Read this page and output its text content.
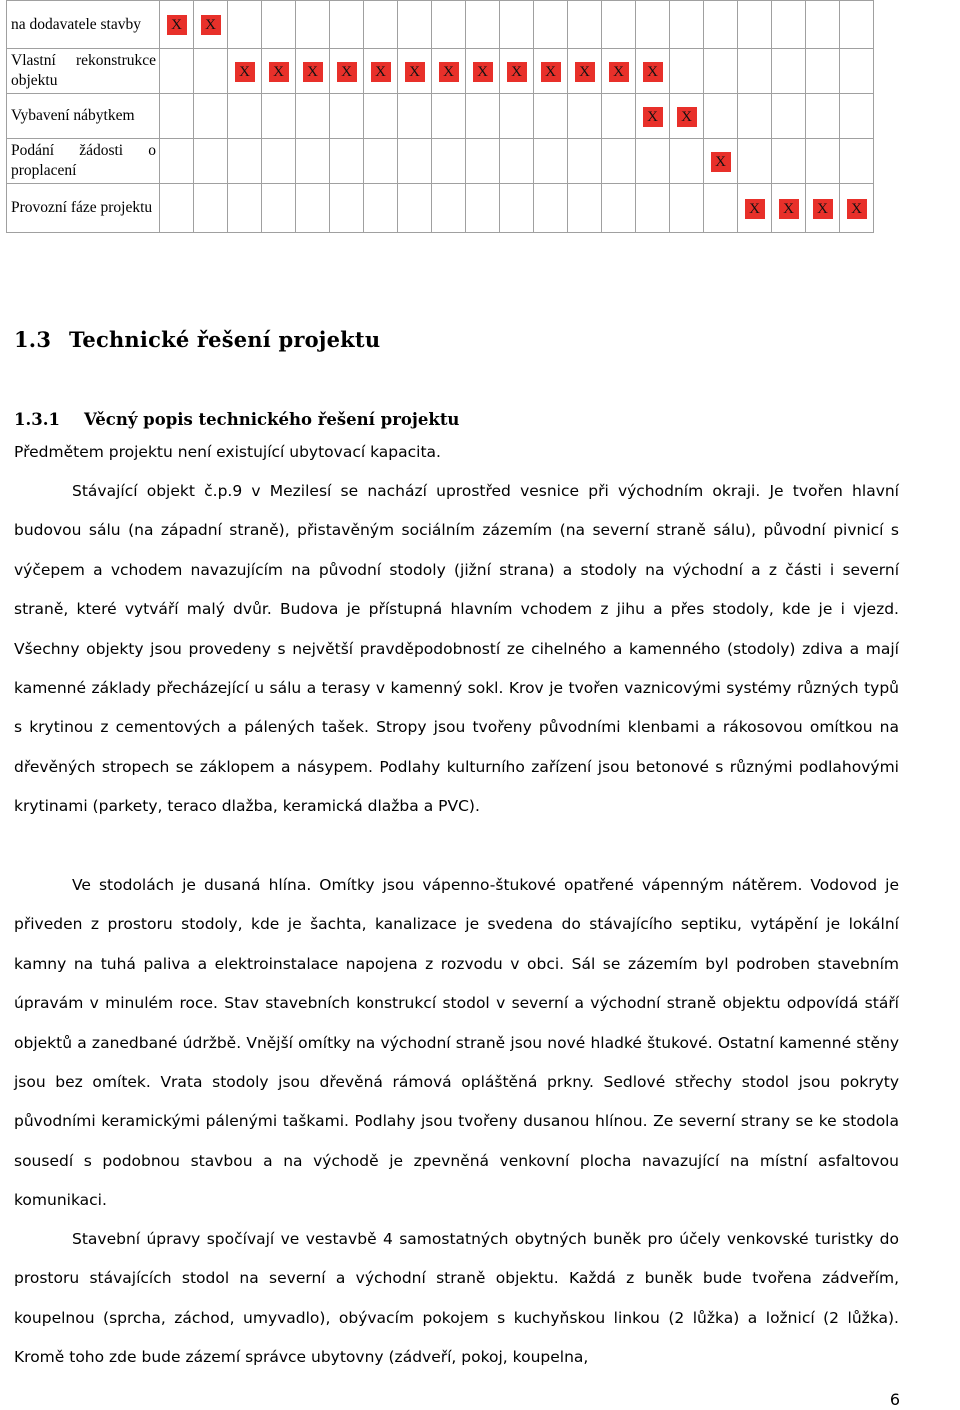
na dodavatele stavby	X	X																			
Vlastní rekonstrukce objektu			X	X	X	X	X	X	X	X	X	X	X	X	X						
Vybavení nábytkem															X	X					
Podání žádosti o proplacení																	X				
Provozní fáze projektu																		X	X	X	X
1.3 Technické řešení projektu
1.3.1 Věcný popis technického řešení projektu

Předmětem projektu není existující ubytovací kapacita.

Stávající objekt č.p.9 v Mezilesí se nachází uprostřed vesnice při východním okraji. Je tvořen hlavní budovou sálu (na západní straně), přistavěným sociálním zázemím (na severní straně sálu), původní pivnicí s výčepem a vchodem navazujícím na původní stodoly (jižní strana) a stodoly na východní a z části i severní straně, které vytváří malý dvůr. Budova je přístupná hlavním vchodem z jihu a přes stodoly, kde je i vjezd. Všechny objekty jsou provedeny s největší pravděpodobností ze cihelného a kamenného (stodoly) zdiva a mají kamenné základy přecházející u sálu a terasy v kamenný sokl. Krov je tvořen vaznicovými systémy různých typů s krytinou z cementových a pálených tašek. Stropy jsou tvořeny původními klenbami a rákosovou omítkou na dřevěných stropech se záklopem a násypem. Podlahy kulturního zařízení jsou betonové s různými podlahovými krytinami (parkety, teraco dlažba, keramická dlažba a PVC).

Ve stodolách je dusaná hlína. Omítky jsou vápenno-štukové opatřené vápenným nátěrem. Vodovod je přiveden z prostoru stodoly, kde je šachta, kanalizace je svedena do stávajícího septiku, vytápění je lokální kamny na tuhá paliva a elektroinstalace napojena z rozvodu v obci. Sál se zázemím byl podroben stavebním úpravám v minulém roce. Stav stavebních konstrukcí stodol v severní a východní straně objektu odpovídá stáří objektů a zanedbané údržbě. Vnější omítky na východní straně jsou nové hladké štukové. Ostatní kamenné stěny jsou bez omítek. Vrata stodoly jsou dřevěná rámová opláštěná prkny. Sedlové střechy stodol jsou pokryty původními keramickými pálenými taškami. Podlahy jsou tvořeny dusanou hlínou. Ze severní strany se ke stodola sousedí s podobnou stavbou a na východě je zpevněná venkovní plocha navazující na místní asfaltovou komunikaci.

Stavební úpravy spočívají ve vestavbě 4 samostatných obytných buněk pro účely venkovské turistky do prostoru stávajících stodol na severní a východní straně objektu. Každá z buněk bude tvořena zádveřím, koupelnou (sprcha, záchod, umyvadlo), obývacím pokojem s kuchyňskou linkou (2 lůžka) a ložnicí (2 lůžka). Kromě toho zde bude zázemí správce ubytovny (zádveří, pokoj, koupelna,

6
